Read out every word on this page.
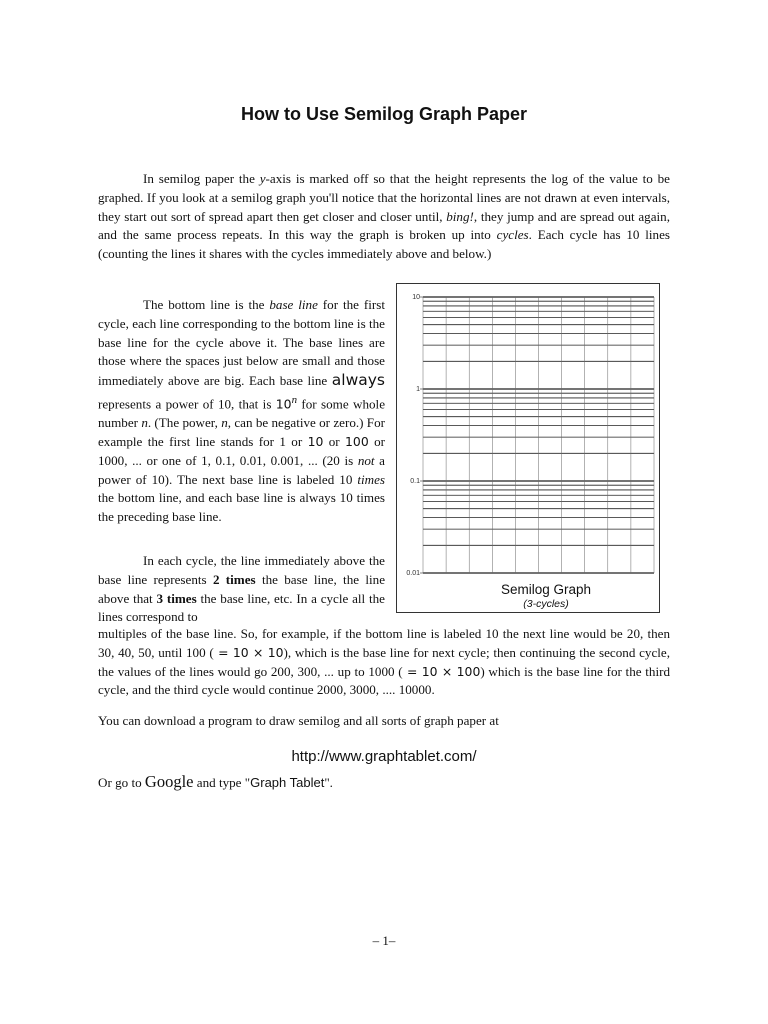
How to Use Semilog Graph Paper

In semilog paper the y-axis is marked off so that the height represents the log of the value to be graphed. If you look at a semilog graph you'll notice that the horizontal lines are not drawn at even intervals, they start out sort of spread apart then get closer and closer until, bing!, they jump and are spread out again, and the same process repeats. In this way the graph is broken up into cycles. Each cycle has 10 lines (counting the lines it shares with the cycles immediately above and below.)

The bottom line is the base line for the first cycle, each line corresponding to the bottom line is the base line for the cycle above it. The base lines are those where the spaces just below are small and those immediately above are big. Each base line always represents a power of 10, that is 10$^n$ for some whole number n. (The power, n, can be negative or zero.) For example the first line stands for 1 or 10 or 100 or 1000, ... or one of 1, 0.1, 0.01, 0.001, ... (20 is not a power of 10). The next base line is labeled 10 times the bottom line, and each base line is always 10 times the preceding base line.

In each cycle, the line immediately above the base line represents 2 times the base line, the line above that 3 times the base line, etc. In a cycle all the lines correspond to

multiples of the base line. So, for example, if the bottom line is labeled 10 the next line would be 20, then 30, 40, 50, until 100 ( = 10 × 10), which is the base line for next cycle; then continuing the second cycle, the values of the lines would go 200, 300, ... up to 1000 ( = 10 × 100) which is the base line for the third cycle, and the third cycle would continue 2000, 3000, .... 10000.

You can download a program to draw semilog and all sorts of graph paper at
http://www.graphtablet.com/
Or go to Google and type "Graph Tablet".
– 1–
0.01
0.1
1
10
Semilog Graph
(3-cycles)
